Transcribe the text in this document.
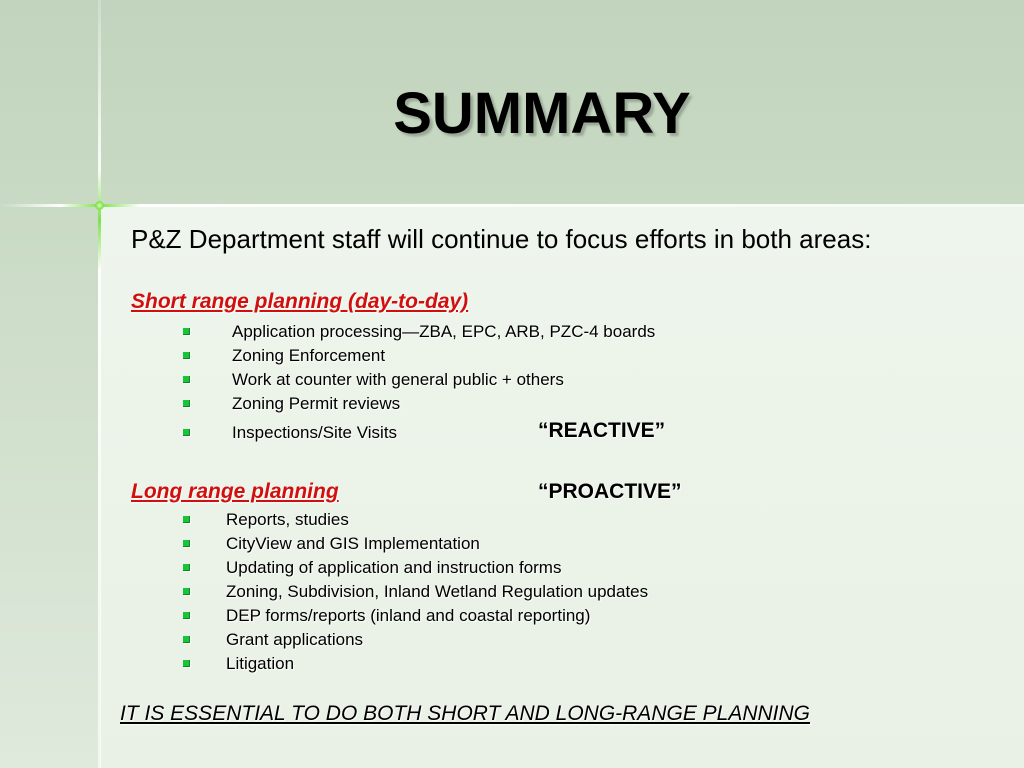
SUMMARY
P&Z Department staff will continue to focus efforts in both areas:
Short range planning (day-to-day)
Application processing—ZBA, EPC, ARB, PZC-4 boards
Zoning Enforcement
Work at counter with general public + others
Zoning Permit reviews
Inspections/Site Visits	“REACTIVE”
Long range planning	“PROACTIVE”
Reports, studies
CityView and GIS Implementation
Updating of application and instruction forms
Zoning, Subdivision, Inland Wetland Regulation updates
DEP forms/reports (inland and coastal reporting)
Grant applications
Litigation
IT IS ESSENTIAL TO DO BOTH SHORT AND LONG-RANGE PLANNING
